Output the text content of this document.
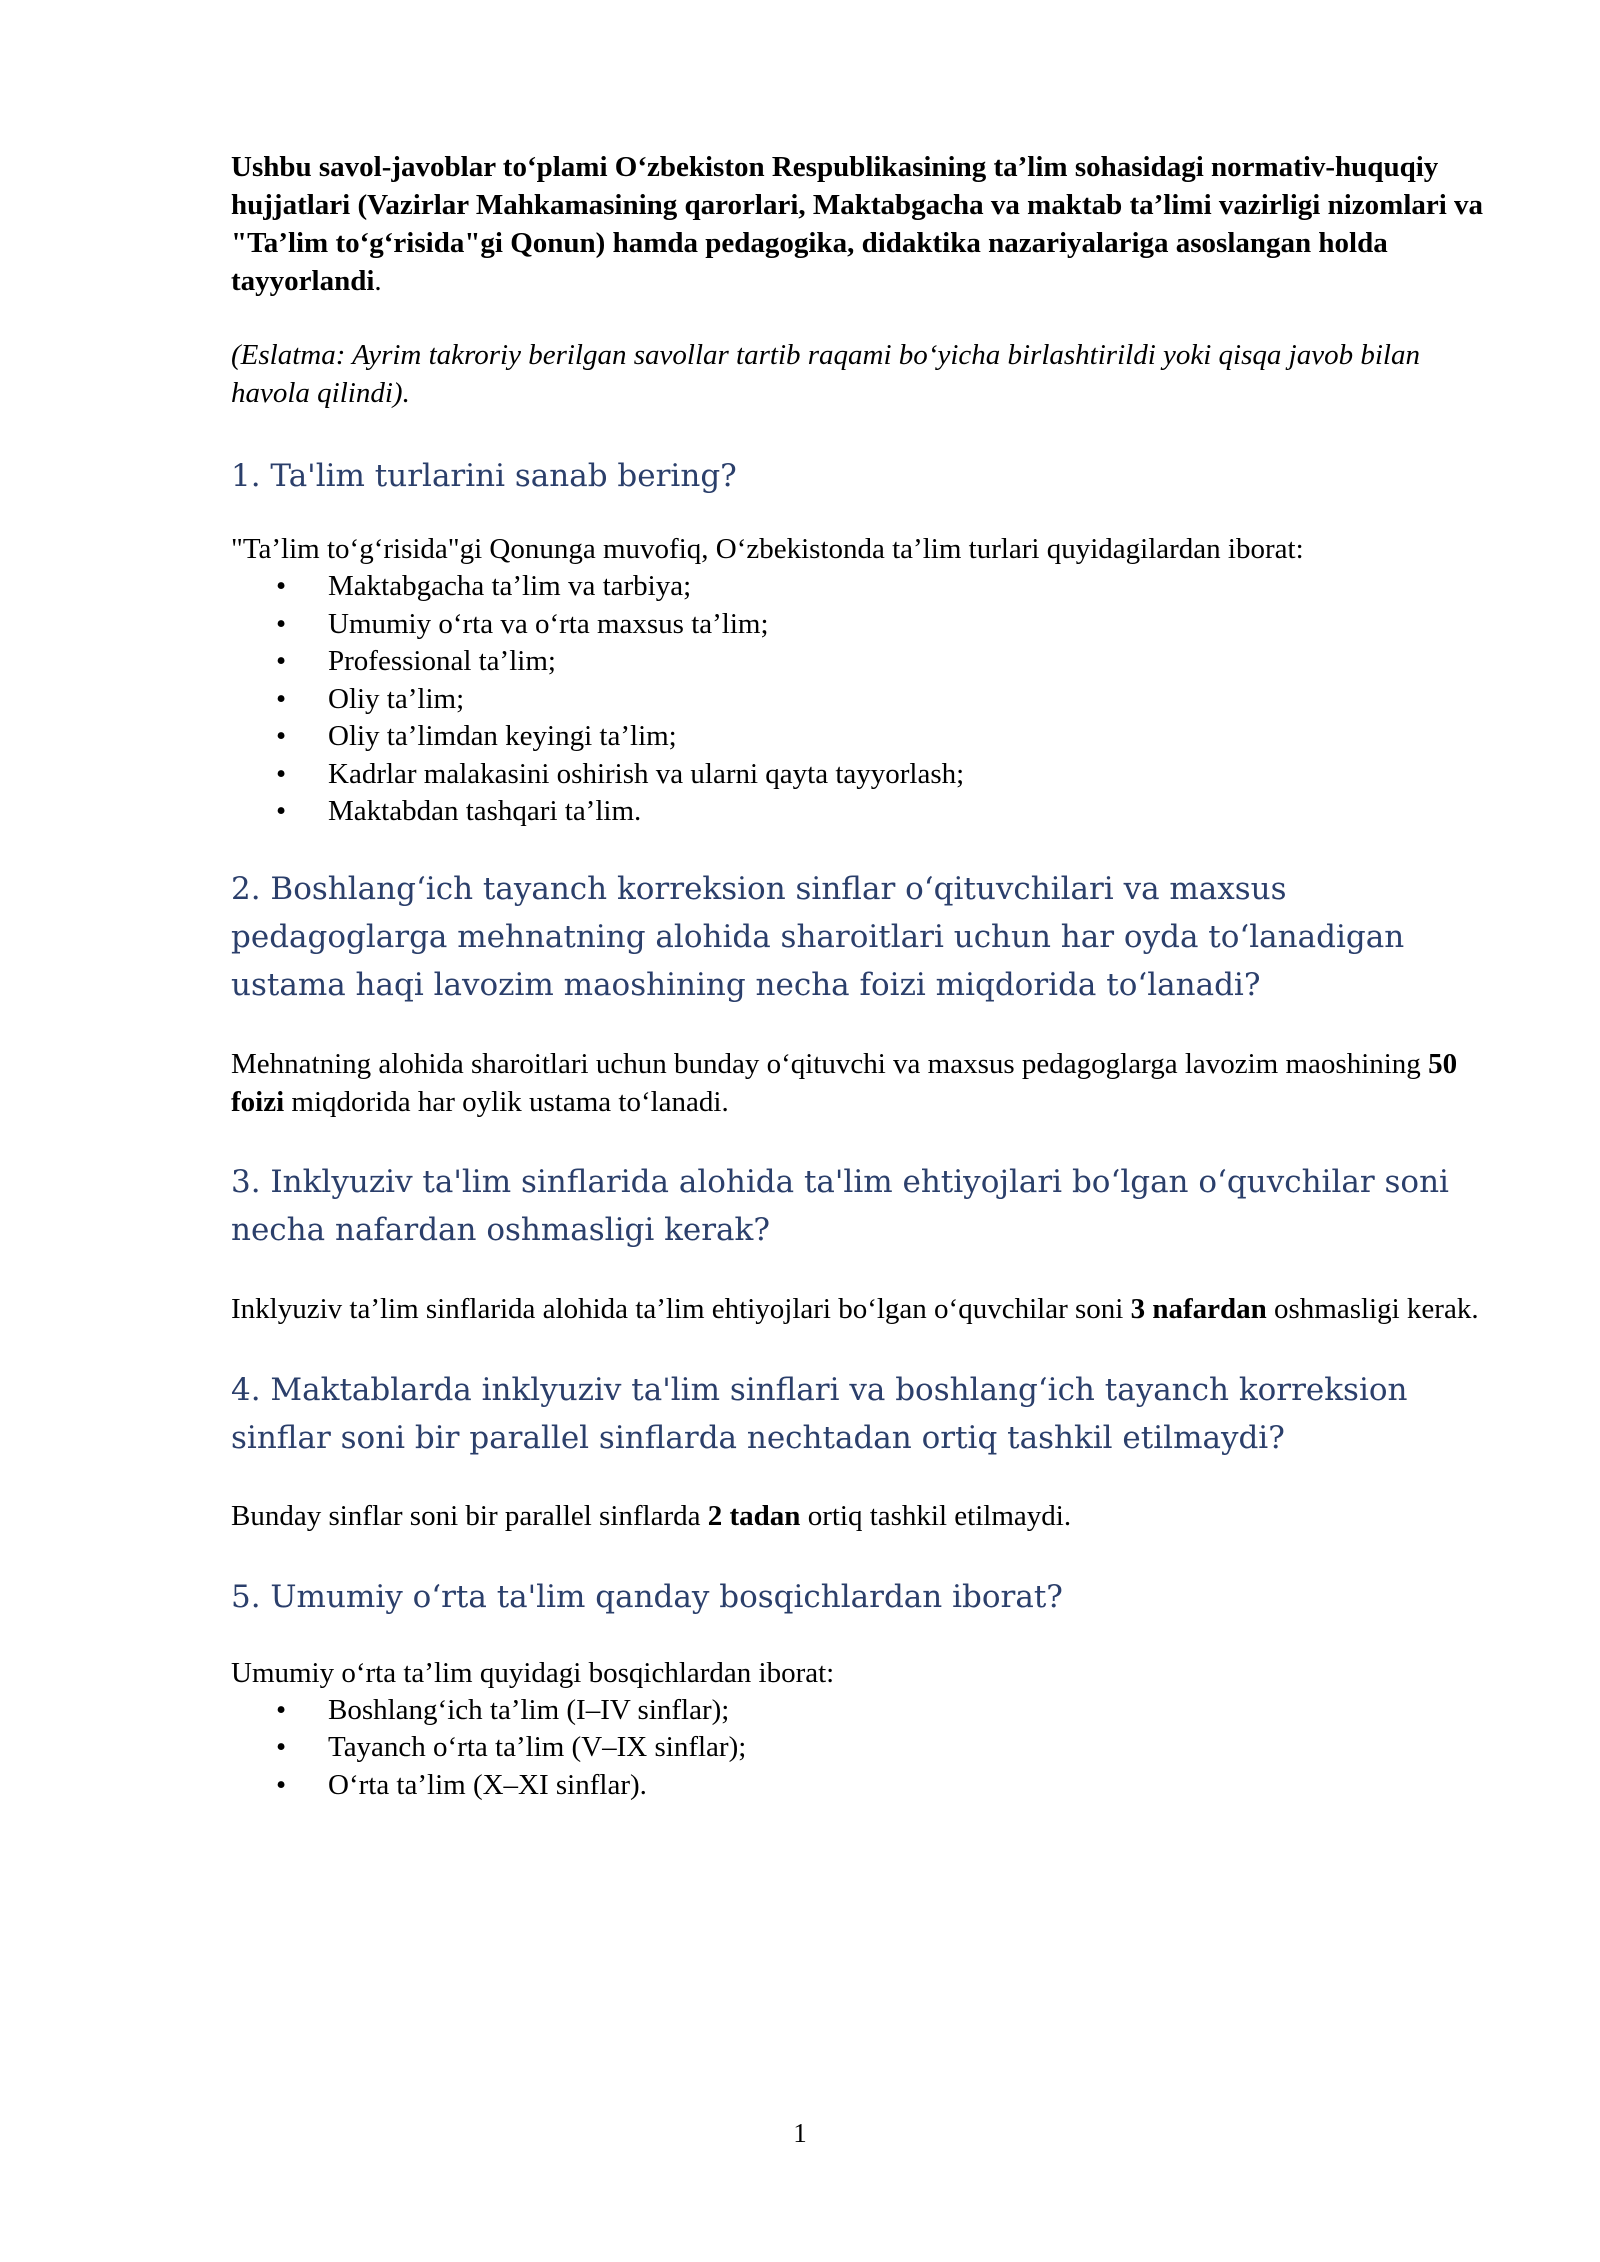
Ushbu savol-javoblar to‘plami O‘zbekiston Respublikasining ta’lim sohasidagi normativ-huquqiy hujjatlari (Vazirlar Mahkamasining qarorlari, Maktabgacha va maktab ta’limi vazirligi nizomlari va "Ta’lim to‘g‘risida"gi Qonun) hamda pedagogika, didaktika nazariyalariga asoslangan holda tayyorlandi.

(Eslatma: Ayrim takroriy berilgan savollar tartib raqami bo‘yicha birlashtirildi yoki qisqa javob bilan havola qilindi).

1. Ta'lim turlarini sanab bering?

"Ta’lim to‘g‘risida"gi Qonunga muvofiq, O‘zbekistonda ta’lim turlari quyidagilardan iborat:

• Maktabgacha ta’lim va tarbiya;
• Umumiy o‘rta va o‘rta maxsus ta’lim;
• Professional ta’lim;
• Oliy ta’lim;
• Oliy ta’limdan keyingi ta’lim;
• Kadrlar malakasini oshirish va ularni qayta tayyorlash;
• Maktabdan tashqari ta’lim.
2. Boshlang‘ich tayanch korreksion sinflar o‘qituvchilari va maxsus pedagoglarga mehnatning alohida sharoitlari uchun har oyda to‘lanadigan ustama haqi lavozim maoshining necha foizi miqdorida to‘lanadi?

Mehnatning alohida sharoitlari uchun bunday o‘qituvchi va maxsus pedagoglarga lavozim maoshining 50 foizi miqdorida har oylik ustama to‘lanadi.

3. Inklyuziv ta'lim sinflarida alohida ta'lim ehtiyojlari bo‘lgan o‘quvchilar soni necha nafardan oshmasligi kerak?

Inklyuziv ta’lim sinflarida alohida ta’lim ehtiyojlari bo‘lgan o‘quvchilar soni 3 nafardan oshmasligi kerak.

4. Maktablarda inklyuziv ta'lim sinflari va boshlang‘ich tayanch korreksion sinflar soni bir parallel sinflarda nechtadan ortiq tashkil etilmaydi?

Bunday sinflar soni bir parallel sinflarda 2 tadan ortiq tashkil etilmaydi.

5. Umumiy o‘rta ta'lim qanday bosqichlardan iborat?

Umumiy o‘rta ta’lim quyidagi bosqichlardan iborat:

• Boshlang‘ich ta’lim (I–IV sinflar);
• Tayanch o‘rta ta’lim (V–IX sinflar);
• O‘rta ta’lim (X–XI sinflar).
1
